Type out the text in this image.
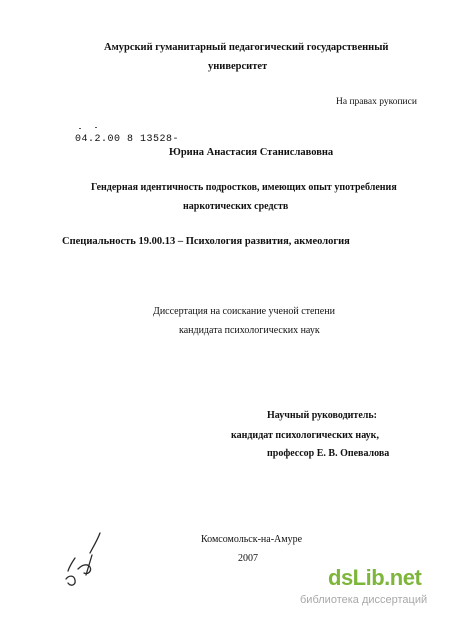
Амурский гуманитарный педагогический государственный
университет
На правах рукописи
04.2.00 8 13528-
Юрина Анастасия Станиславовна
Гендерная идентичность подростков, имеющих опыт употребления
наркотических средств
Специальность 19.00.13 – Психология развития, акмеология
Диссертация на соискание ученой степени
кандидата психологических наук
Научный руководитель:
кандидат психологических наук,
профессор Е. В. Опевалова
Комсомольск-на-Амуре
2007
dsLib.net
библиотека диссертаций
